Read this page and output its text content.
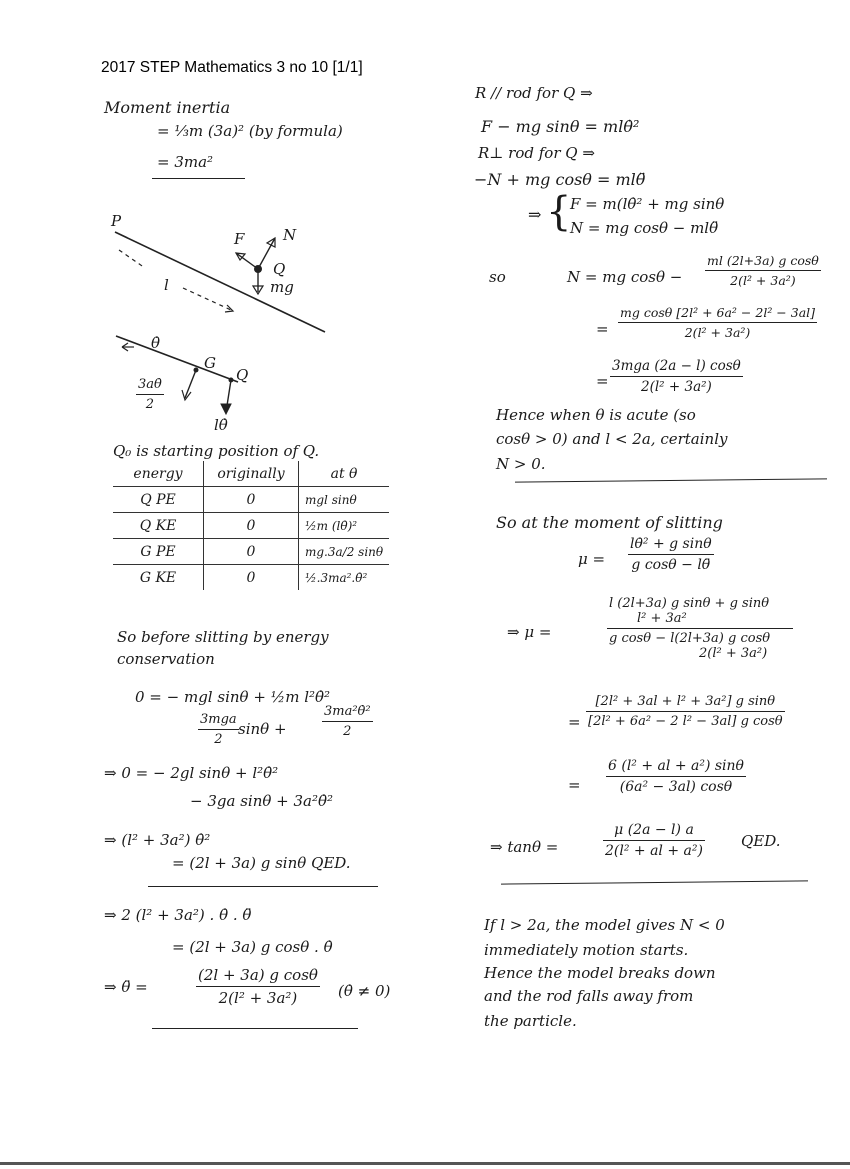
2017 STEP Mathematics 3 no 10 [1/1]
Moment inertia
= ⅓m (3a)² (by formula)
= 3ma²
P
F	N
Q
mg
l
θ̇
G
Q
$\frac{3a\thetȧ}{2}$
lθ̇
Q₀ is starting position of Q.
energy	originally	at θ
Q PE	0	mgl sinθ
Q KE	0	½m (lθ̇)²
G PE	0	mg.3a/2 sinθ
G KE	0	½.3ma².θ̇²
So before slitting by energy
conservation
0 = − mgl sinθ + ½m l²θ̇²
3mga
2
sinθ +	$\frac{\text{3ma²θ̇²}}{2}$
⇒ 0 = − 2gl sinθ + l²θ̇²
− 3ga sinθ + 3a²θ̇²
⇒ (l² + 3a²) θ̇²
= (2l + 3a) g sinθ QED.
⇒ 2 (l² + 3a²) . θ̇ . θ̈
= (2l + 3a) g cosθ . θ̇
⇒ θ̈ =	$\frac{\text{(2l + 3a) g cosθ}}{\text{2(l² + 3a²)}}$ (θ̇ ≠ 0)
R // rod for Q ⇒
F − mg sinθ = mlθ̇²
R⊥ rod for Q ⇒
−N + mg cosθ = mlθ̈
⇒ {
F = m(lθ̇² + mg sinθ
N = mg cosθ − mlθ̈
so	N = mg $\cos\theta - \frac{\text{ml (2l+3a) g cosθ}}{\text{2(l² + 3a²)}}$
= $\frac{\text{mg cosθ [2l² + 6a² − 2l² − 3al]}}{\text{2(l² + 3a²)}}$
=
3mga (2a − l) cosθ
2(l² + 3a²)
Hence when θ is acute (so
cosθ > 0) and l < 2a, certainly
N > 0.
So at the moment of slitting
$\mu = \frac{\text{lθ̇² + g sinθ}}{\text{g cosθ − lθ̈}}$
⇒ μ =
l (2l+3a) g sinθ + g sinθ
l² + 3a²
g cosθ − l(2l+3a) g cosθ
2(l² + 3a²)
= $\frac{\text{[2l² + 3al + l² + 3a²] g sinθ}}{\text{[2l² + 6a² − 2 l² − 3al] g cosθ}}$
= $\frac{\text{6 (l² + al + a²) sinθ}}{\text{(6a² − 3al) cosθ}}$
⇒ tanθ =	$\frac{\mu (2a - l) a}{\text{2(l² + al + a²)}}$ QED.
If l > 2a, the model gives N < 0
immediately motion starts.
Hence the model breaks down
and the rod falls away from
the particle.
